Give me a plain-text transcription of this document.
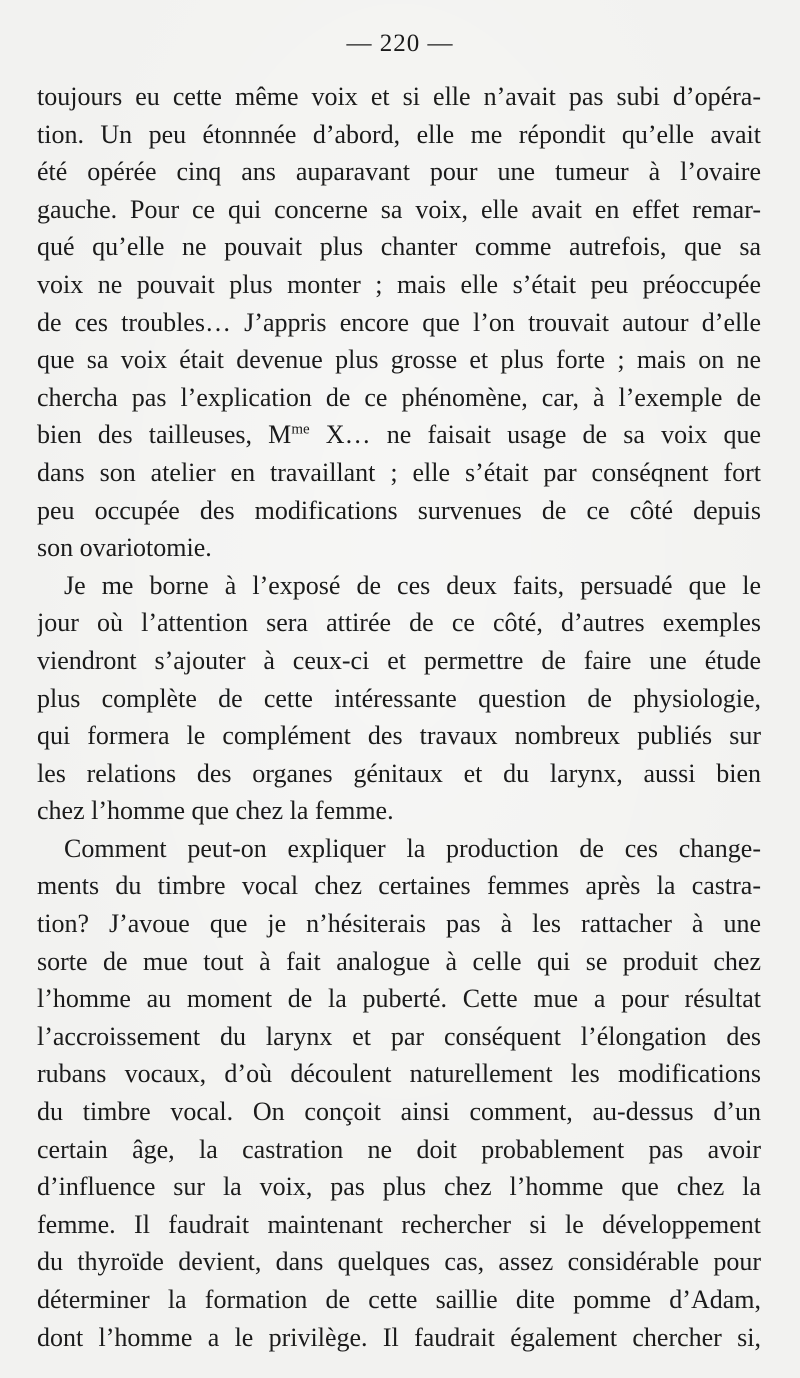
— 220 —
toujours eu cette même voix et si elle n’avait pas subi d’opéra-
tion. Un peu étonnnée d’abord, elle me répondit qu’elle avait
été opérée cinq ans auparavant pour une tumeur à l’ovaire
gauche. Pour ce qui concerne sa voix, elle avait en effet remar-
qué qu’elle ne pouvait plus chanter comme autrefois, que sa
voix ne pouvait plus monter ; mais elle s’était peu préoccupée
de ces troubles… J’appris encore que l’on trouvait autour d’elle
que sa voix était devenue plus grosse et plus forte ; mais on ne
chercha pas l’explication de ce phénomène, car, à l’exemple de
bien des tailleuses, $M^{me}$ X… ne faisait usage de sa voix que
dans son atelier en travaillant ; elle s’était par conséqnent fort
peu occupée des modifications survenues de ce côté depuis
son ovariotomie.
Je me borne à l’exposé de ces deux faits, persuadé que le
jour où l’attention sera attirée de ce côté, d’autres exemples
viendront s’ajouter à ceux-ci et permettre de faire une étude
plus complète de cette intéressante question de physiologie,
qui formera le complément des travaux nombreux publiés sur
les relations des organes génitaux et du larynx, aussi bien
chez l’homme que chez la femme.
Comment peut-on expliquer la production de ces change-
ments du timbre vocal chez certaines femmes après la castra-
tion? J’avoue que je n’hésiterais pas à les rattacher à une
sorte de mue tout à fait analogue à celle qui se produit chez
l’homme au moment de la puberté. Cette mue a pour résultat
l’accroissement du larynx et par conséquent l’élongation des
rubans vocaux, d’où découlent naturellement les modifications
du timbre vocal. On conçoit ainsi comment, au-dessus d’un
certain âge, la castration ne doit probablement pas avoir
d’influence sur la voix, pas plus chez l’homme que chez la
femme. Il faudrait maintenant rechercher si le développement
du thyroïde devient, dans quelques cas, assez considérable pour
déterminer la formation de cette saillie dite pomme d’Adam,
dont l’homme a le privilège. Il faudrait également chercher si,
